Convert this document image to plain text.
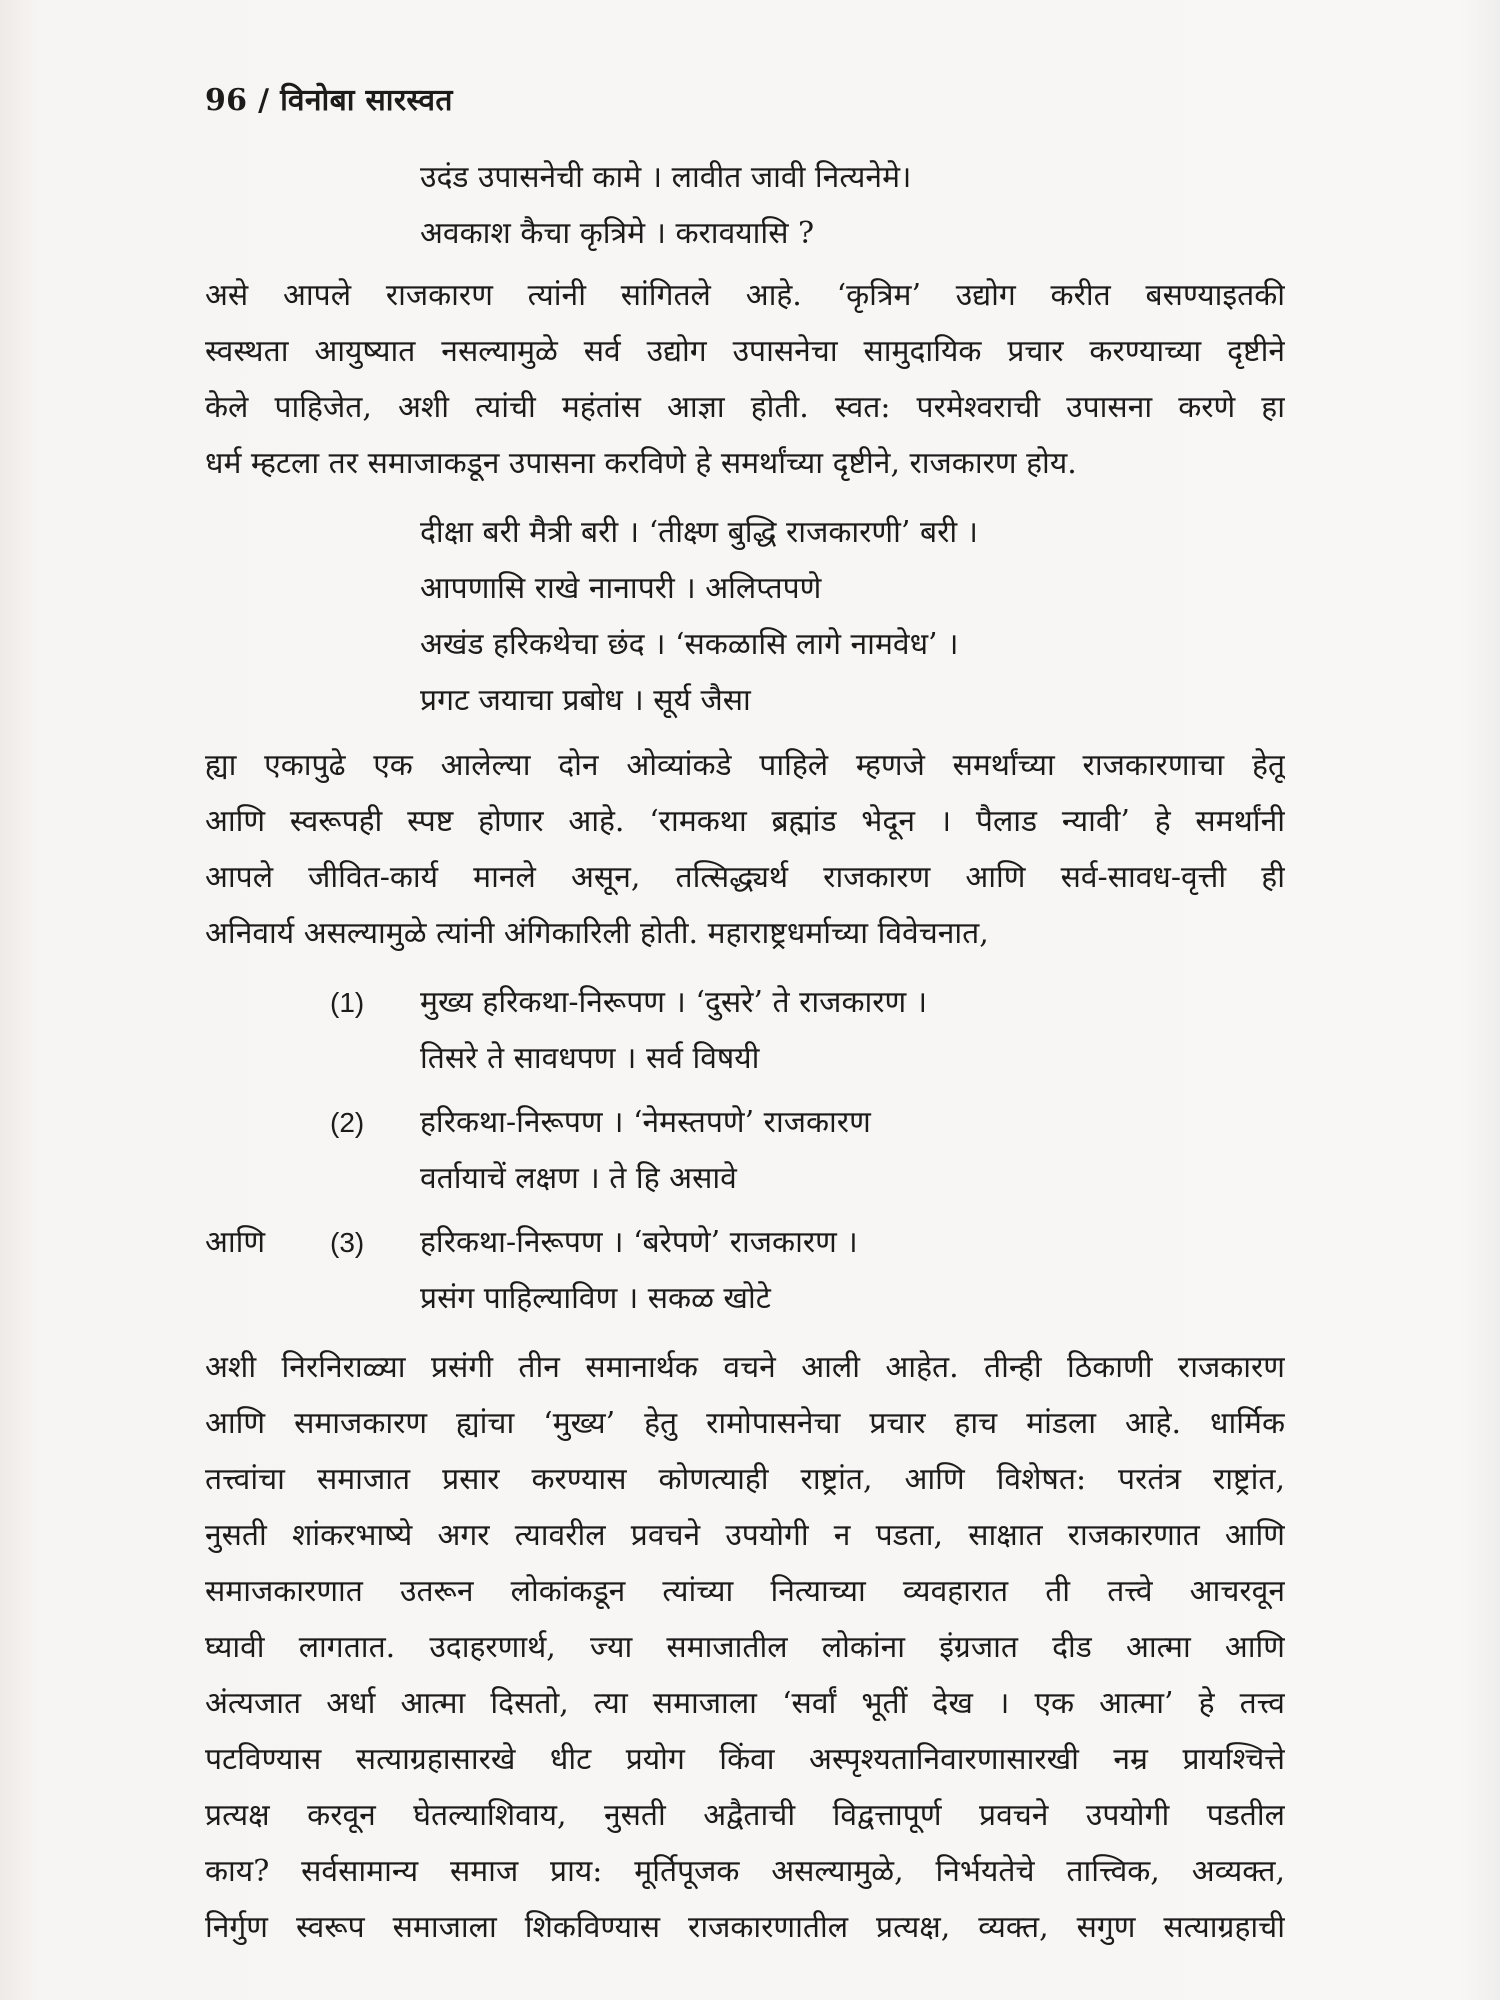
96 / विनोबा सारस्वत
उदंड उपासनेची कामे । लावीत जावी नित्यनेमे।
अवकाश कैचा कृत्रिमे । करावयासि ?
असे आपले राजकारण त्यांनी सांगितले आहे. ‘कृत्रिम’ उद्योग करीत बसण्याइतकी
स्वस्थता आयुष्यात नसल्यामुळे सर्व उद्योग उपासनेचा सामुदायिक प्रचार करण्याच्या दृष्टीने
केले पाहिजेत, अशी त्यांची महंतांस आज्ञा होती. स्वत: परमेश्वराची उपासना करणे हा
धर्म म्हटला तर समाजाकडून उपासना करविणे हे समर्थांच्या दृष्टीने, राजकारण होय.
दीक्षा बरी मैत्री बरी । ‘तीक्ष्ण बुद्धि राजकारणी’ बरी ।
आपणासि राखे नानापरी । अलिप्तपणे
अखंड हरिकथेचा छंद । ‘सकळासि लागे नामवेध’ ।
प्रगट जयाचा प्रबोध । सूर्य जैसा
ह्या एकापुढे एक आलेल्या दोन ओव्यांकडे पाहिले म्हणजे समर्थांच्या राजकारणाचा हेतू
आणि स्वरूपही स्पष्ट होणार आहे. ‘रामकथा ब्रह्मांड भेदून । पैलाड न्यावी’ हे समर्थांनी
आपले जीवित-कार्य मानले असून, तत्सिद्ध्यर्थ राजकारण आणि सर्व-सावध-वृत्ती ही
अनिवार्य असल्यामुळे त्यांनी अंगिकारिली होती. महाराष्ट्रधर्माच्या विवेचनात,
(1) मुख्य हरिकथा-निरूपण । ‘दुसरे’ ते राजकारण ।
तिसरे ते सावधपण । सर्व विषयी
(2) हरिकथा-निरूपण । ‘नेमस्तपणे’ राजकारण
वर्तायाचें लक्षण । ते हि असावे
आणि (3) हरिकथा-निरूपण । ‘बरेपणे’ राजकारण ।
प्रसंग पाहिल्याविण । सकळ खोटे
अशी निरनिराळ्या प्रसंगी तीन समानार्थक वचने आली आहेत. तीन्ही ठिकाणी राजकारण
आणि समाजकारण ह्यांचा ‘मुख्य’ हेतु रामोपासनेचा प्रचार हाच मांडला आहे. धार्मिक
तत्त्वांचा समाजात प्रसार करण्यास कोणत्याही राष्ट्रांत, आणि विशेषत: परतंत्र राष्ट्रांत,
नुसती शांकरभाष्ये अगर त्यावरील प्रवचने उपयोगी न पडता, साक्षात राजकारणात आणि
समाजकारणात उतरून लोकांकडून त्यांच्या नित्याच्या व्यवहारात ती तत्त्वे आचरवून
घ्यावी लागतात. उदाहरणार्थ, ज्या समाजातील लोकांना इंग्रजात दीड आत्मा आणि
अंत्यजात अर्धा आत्मा दिसतो, त्या समाजाला ‘सर्वां भूतीं देख । एक आत्मा’ हे तत्त्व
पटविण्यास सत्याग्रहासारखे धीट प्रयोग किंवा अस्पृश्यतानिवारणासारखी नम्र प्रायश्चित्ते
प्रत्यक्ष करवून घेतल्याशिवाय, नुसती अद्वैताची विद्वत्तापूर्ण प्रवचने उपयोगी पडतील
काय? सर्वसामान्य समाज प्राय: मूर्तिपूजक असल्यामुळे, निर्भयतेचे तात्त्विक, अव्यक्त,
निर्गुण स्वरूप समाजाला शिकविण्यास राजकारणातील प्रत्यक्ष, व्यक्त, सगुण सत्याग्रहाची
